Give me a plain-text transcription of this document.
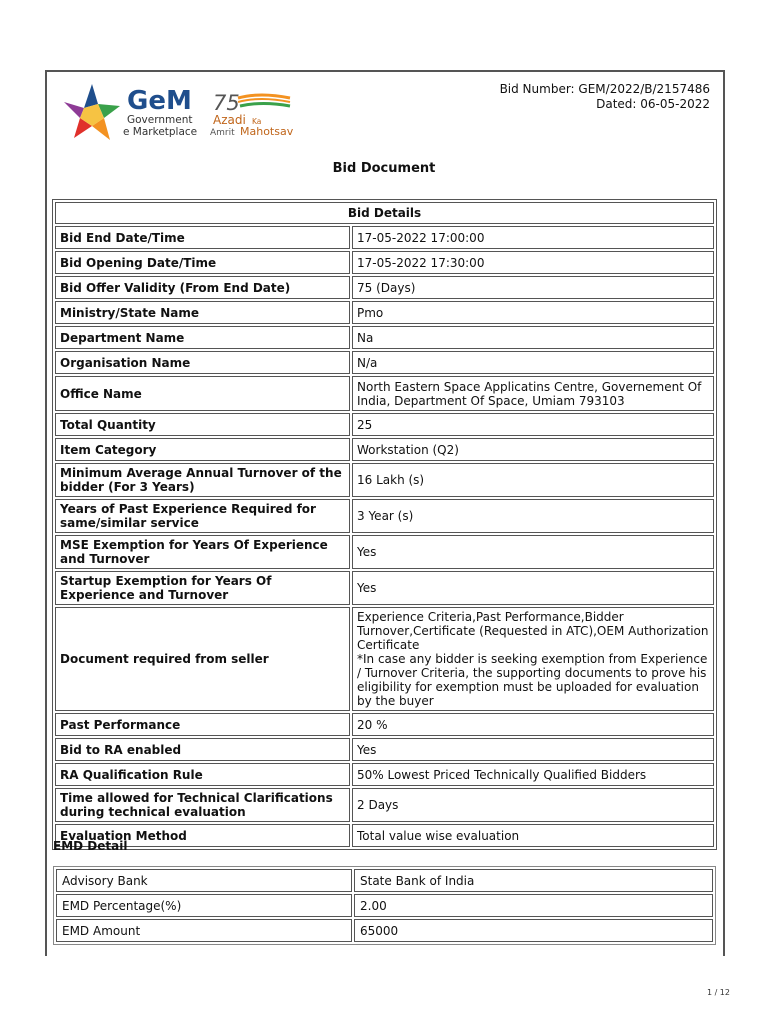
GeM
Government
e Marketplace
75
Azadi Ka
Amrit Mahotsav
Bid Number: GEM/2022/B/2157486
Dated: 06-05-2022
Bid Document
Bid Details	
Bid End Date/Time	17-05-2022 17:00:00
Bid Opening Date/Time	17-05-2022 17:30:00
Bid Offer Validity (From End Date)	75 (Days)
Ministry/State Name	Pmo
Department Name	Na
Organisation Name	N/a
Office Name	North Eastern Space Applicatins Centre, Governement Of India, Department Of Space, Umiam 793103
Total Quantity	25
Item Category	Workstation (Q2)
Minimum Average Annual Turnover of the bidder (For 3 Years)	16 Lakh (s)
Years of Past Experience Required for same/similar service	3 Year (s)
MSE Exemption for Years Of Experience and Turnover	Yes
Startup Exemption for Years Of Experience and Turnover	Yes
Document required from seller	Experience Criteria,Past Performance,Bidder Turnover,Certificate (Requested in ATC),OEM Authorization Certificate
*In case any bidder is seeking exemption from Experience / Turnover Criteria, the supporting documents to prove his eligibility for exemption must be uploaded for evaluation by the buyer

Past Performance	20 %
Bid to RA enabled	Yes
RA Qualification Rule	50% Lowest Priced Technically Qualified Bidders
Time allowed for Technical Clarifications during technical evaluation	2 Days
Evaluation Method	Total value wise evaluation
EMD Detail
Advisory Bank	State Bank of India
EMD Percentage(%)	2.00
EMD Amount	65000
1 / 12
